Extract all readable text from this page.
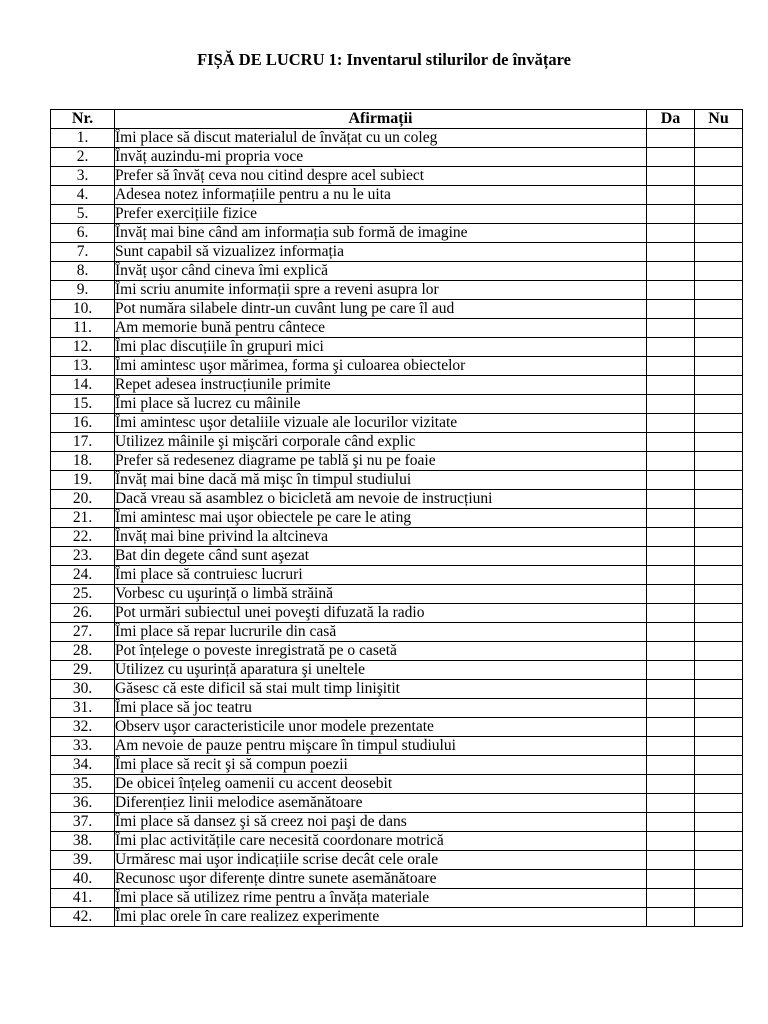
FIȘĂ DE LUCRU 1: Inventarul stilurilor de învățare
Nr.	Afirmații	Da	Nu
1.	Îmi place să discut materialul de învățat cu un coleg		
2.	Învăț auzindu-mi propria voce		
3.	Prefer să învăț ceva nou citind despre acel subiect		
4.	Adesea notez informațiile pentru a nu le uita		
5.	Prefer exercițiile fizice		
6.	Învăț mai bine când am informația sub formă de imagine		
7.	Sunt capabil să vizualizez informația		
8.	Învăț uşor când cineva îmi explică		
9.	Îmi scriu anumite informații spre a reveni asupra lor		
10.	Pot număra silabele dintr-un cuvânt lung pe care îl aud		
11.	Am memorie bună pentru cântece		
12.	Îmi plac discuțiile în grupuri mici		
13.	Îmi amintesc uşor mărimea, forma şi culoarea obiectelor		
14.	Repet adesea instrucțiunile primite		
15.	Îmi place să lucrez cu mâinile		
16.	Îmi amintesc uşor detaliile vizuale ale locurilor vizitate		
17.	Utilizez mâinile şi mişcări corporale când explic		
18.	Prefer să redesenez diagrame pe tablă şi nu pe foaie		
19.	Învăț mai bine dacă mă mişc în timpul studiului		
20.	Dacă vreau să asamblez o bicicletă am nevoie de instrucțiuni		
21.	Îmi amintesc mai uşor obiectele pe care le ating		
22.	Învăț mai bine privind la altcineva		
23.	Bat din degete când sunt aşezat		
24.	Îmi place să contruiesc lucruri		
25.	Vorbesc cu uşurință o limbă străină		
26.	Pot urmări subiectul unei poveşti difuzată la radio		
27.	Îmi place să repar lucrurile din casă		
28.	Pot înțelege o poveste inregistrată pe o casetă		
29.	Utilizez cu uşurință aparatura şi uneltele		
30.	Găsesc că este dificil să stai mult timp linişitit		
31.	Îmi place să joc teatru		
32.	Observ uşor caracteristicile unor modele prezentate		
33.	Am nevoie de pauze pentru mişcare în timpul studiului		
34.	Îmi place să recit şi să compun poezii		
35.	De obicei înțeleg oamenii cu accent deosebit		
36.	Diferențiez linii melodice asemănătoare		
37.	Îmi place să dansez şi să creez noi paşi de dans		
38.	Îmi plac activitățile care necesită coordonare motrică		
39.	Urmăresc mai uşor indicațiile scrise decât cele orale		
40.	Recunosc uşor diferențe dintre sunete asemănătoare		
41.	Îmi place să utilizez rime pentru a învăța materiale		
42.	Îmi plac orele în care realizez experimente		
